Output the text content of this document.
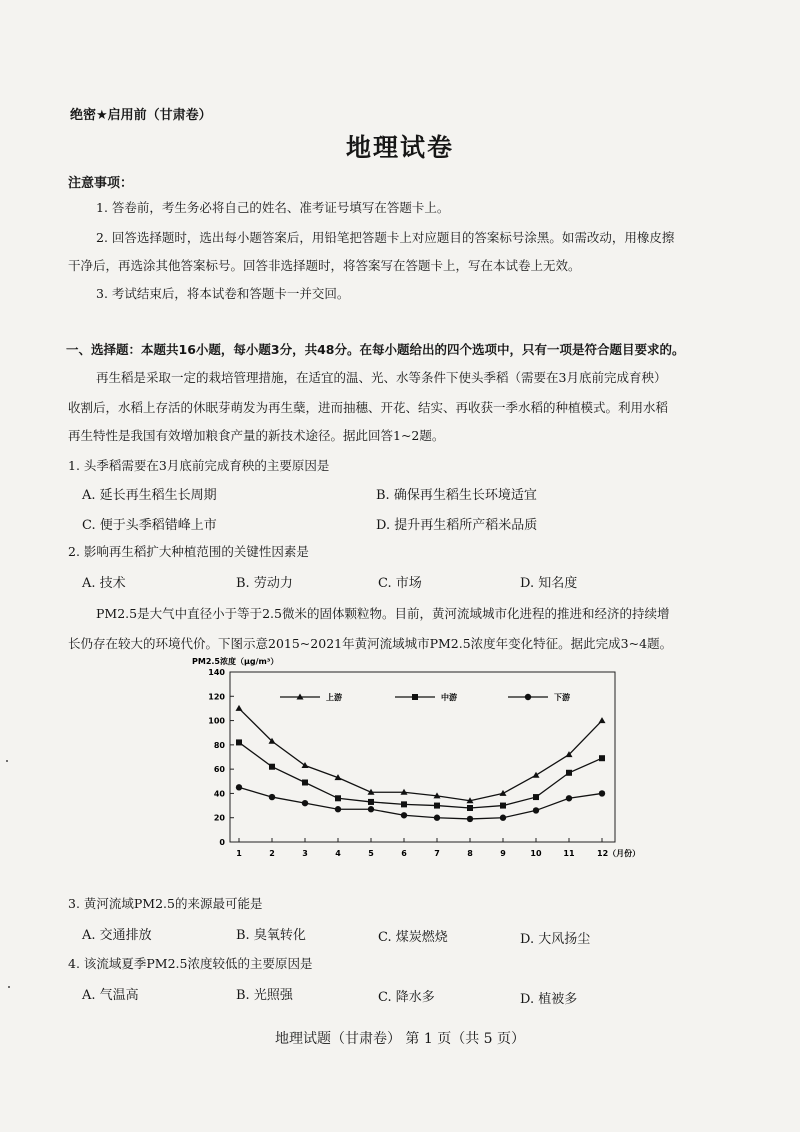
绝密★启用前（甘肃卷）
地理试卷
注意事项：
1. 答卷前，考生务必将自己的姓名、准考证号填写在答题卡上。
2. 回答选择题时，选出每小题答案后，用铅笔把答题卡上对应题目的答案标号涂黑。如需改动，用橡皮擦
干净后，再选涂其他答案标号。回答非选择题时，将答案写在答题卡上，写在本试卷上无效。
3. 考试结束后，将本试卷和答题卡一并交回。
一、选择题：本题共16小题，每小题3分，共48分。在每小题给出的四个选项中，只有一项是符合题目要求的。
再生稻是采取一定的栽培管理措施，在适宜的温、光、水等条件下使头季稻（需要在3月底前完成育秧）
收割后，水稻上存活的休眠芽萌发为再生蘖，进而抽穗、开花、结实、再收获一季水稻的种植模式。利用水稻
再生特性是我国有效增加粮食产量的新技术途径。据此回答1~2题。
1. 头季稻需要在3月底前完成育秧的主要原因是
A. 延长再生稻生长周期	B. 确保再生稻生长环境适宜
C. 便于头季稻错峰上市	D. 提升再生稻所产稻米品质
2. 影响再生稻扩大种植范围的关键性因素是
A. 技术	B. 劳动力	C. 市场	D. 知名度
PM2.5是大气中直径小于等于2.5微米的固体颗粒物。目前，黄河流域城市化进程的推进和经济的持续增
长仍存在较大的环境代价。下图示意2015~2021年黄河流域城市PM2.5浓度年变化特征。据此完成3~4题。
PM2.5浓度（μg/m³）
0
20
40
60
80
100
120
140
1	2	3	4	5	6	7	8	9	10	11	12（月份）
上游	中游	下游
3. 黄河流域PM2.5的来源最可能是
A. 交通排放	B. 臭氧转化	C. 煤炭燃烧	D. 大风扬尘
4. 该流域夏季PM2.5浓度较低的主要原因是
A. 气温高	B. 光照强	C. 降水多	D. 植被多
地理试题（甘肃卷） 第 1 页（共 5 页）
